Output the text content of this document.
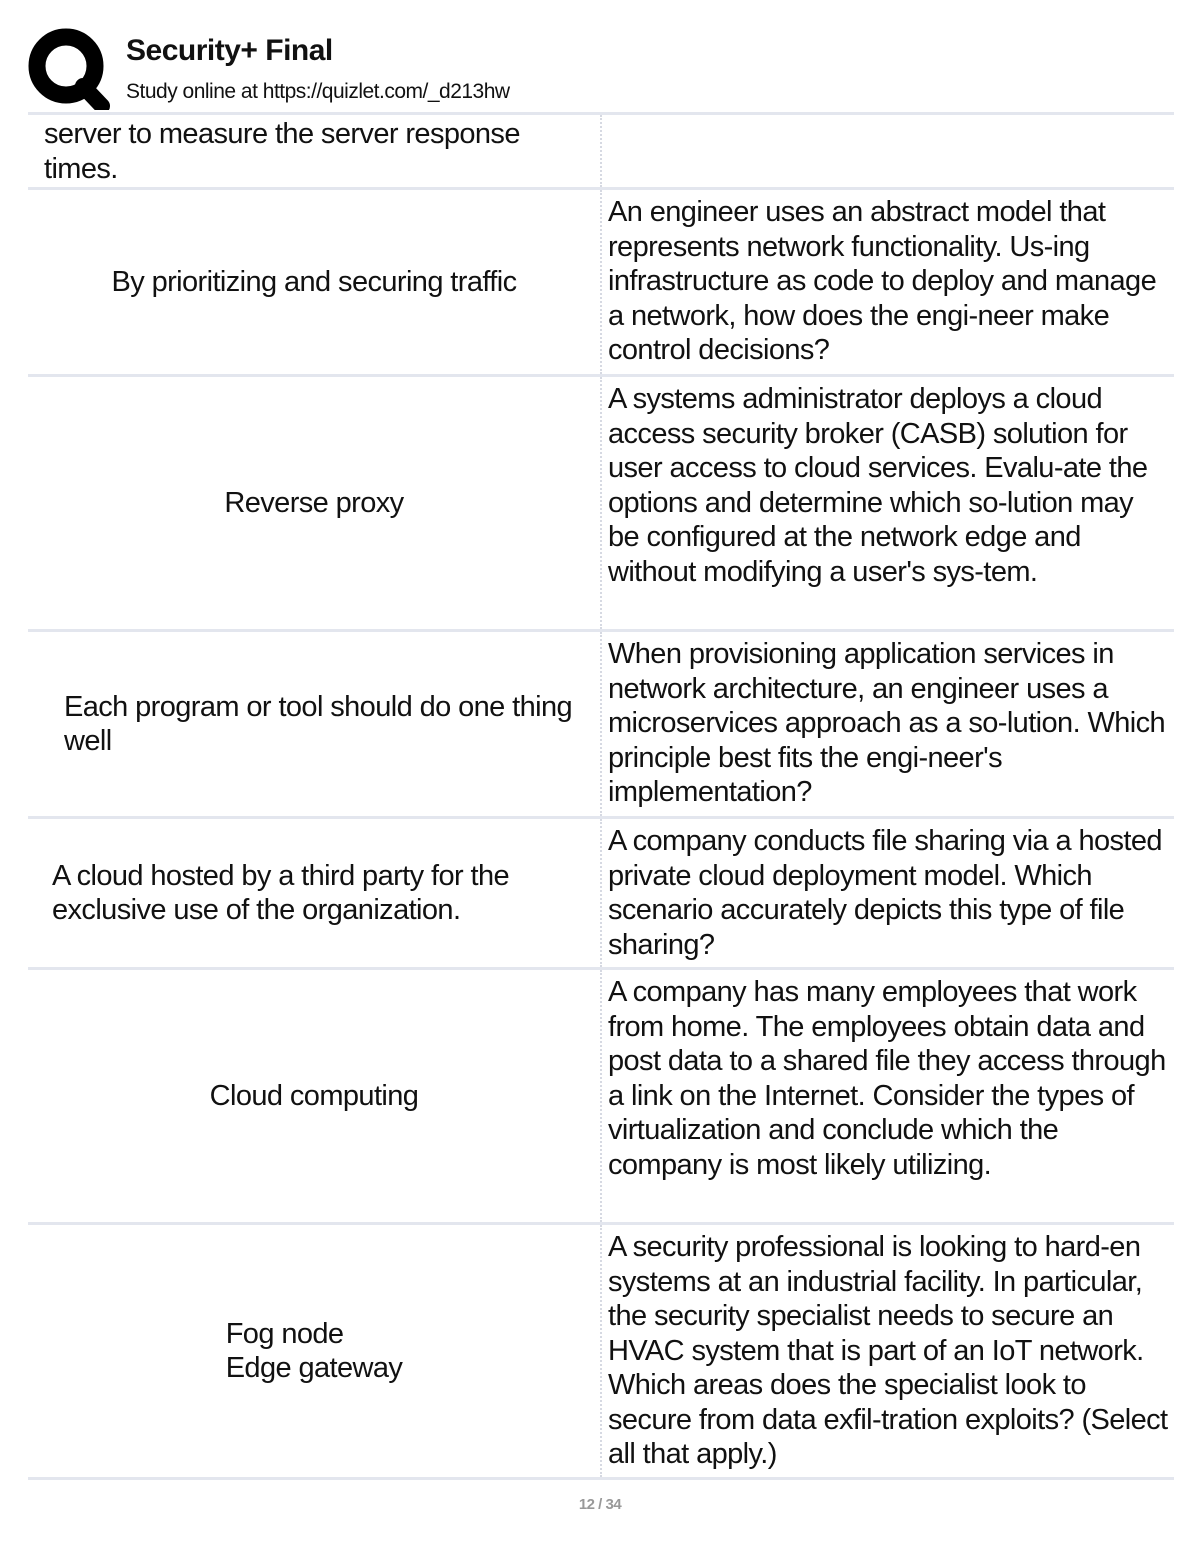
Security+ Final
Study online at https://quizlet.com/_d213hw
server to measure the server response times.
By prioritizing and securing traffic
An engineer uses an abstract model that represents network functionality. Us-ing infrastructure as code to deploy and manage a network, how does the engi-neer make control decisions?
Reverse proxy
A systems administrator deploys a cloud access security broker (CASB) solution for user access to cloud services. Evalu-ate the options and determine which so-lution may be configured at the network edge and without modifying a user's sys-tem.
Each program or tool should do one thing well
When provisioning application services in network architecture, an engineer uses a microservices approach as a so-lution. Which principle best fits the engi-neer's implementation?
A cloud hosted by a third party for the exclusive use of the organization.
A company conducts file sharing via a hosted private cloud deployment model. Which scenario accurately depicts this type of file sharing?
Cloud computing
A company has many employees that work from home. The employees obtain data and post data to a shared file they access through a link on the Internet. Consider the types of virtualization and conclude which the company is most likely utilizing.
Fog node
Edge gateway
A security professional is looking to hard-en systems at an industrial facility. In particular, the security specialist needs to secure an HVAC system that is part of an IoT network. Which areas does the specialist look to secure from data exfil-tration exploits? (Select all that apply.)
12 / 34
